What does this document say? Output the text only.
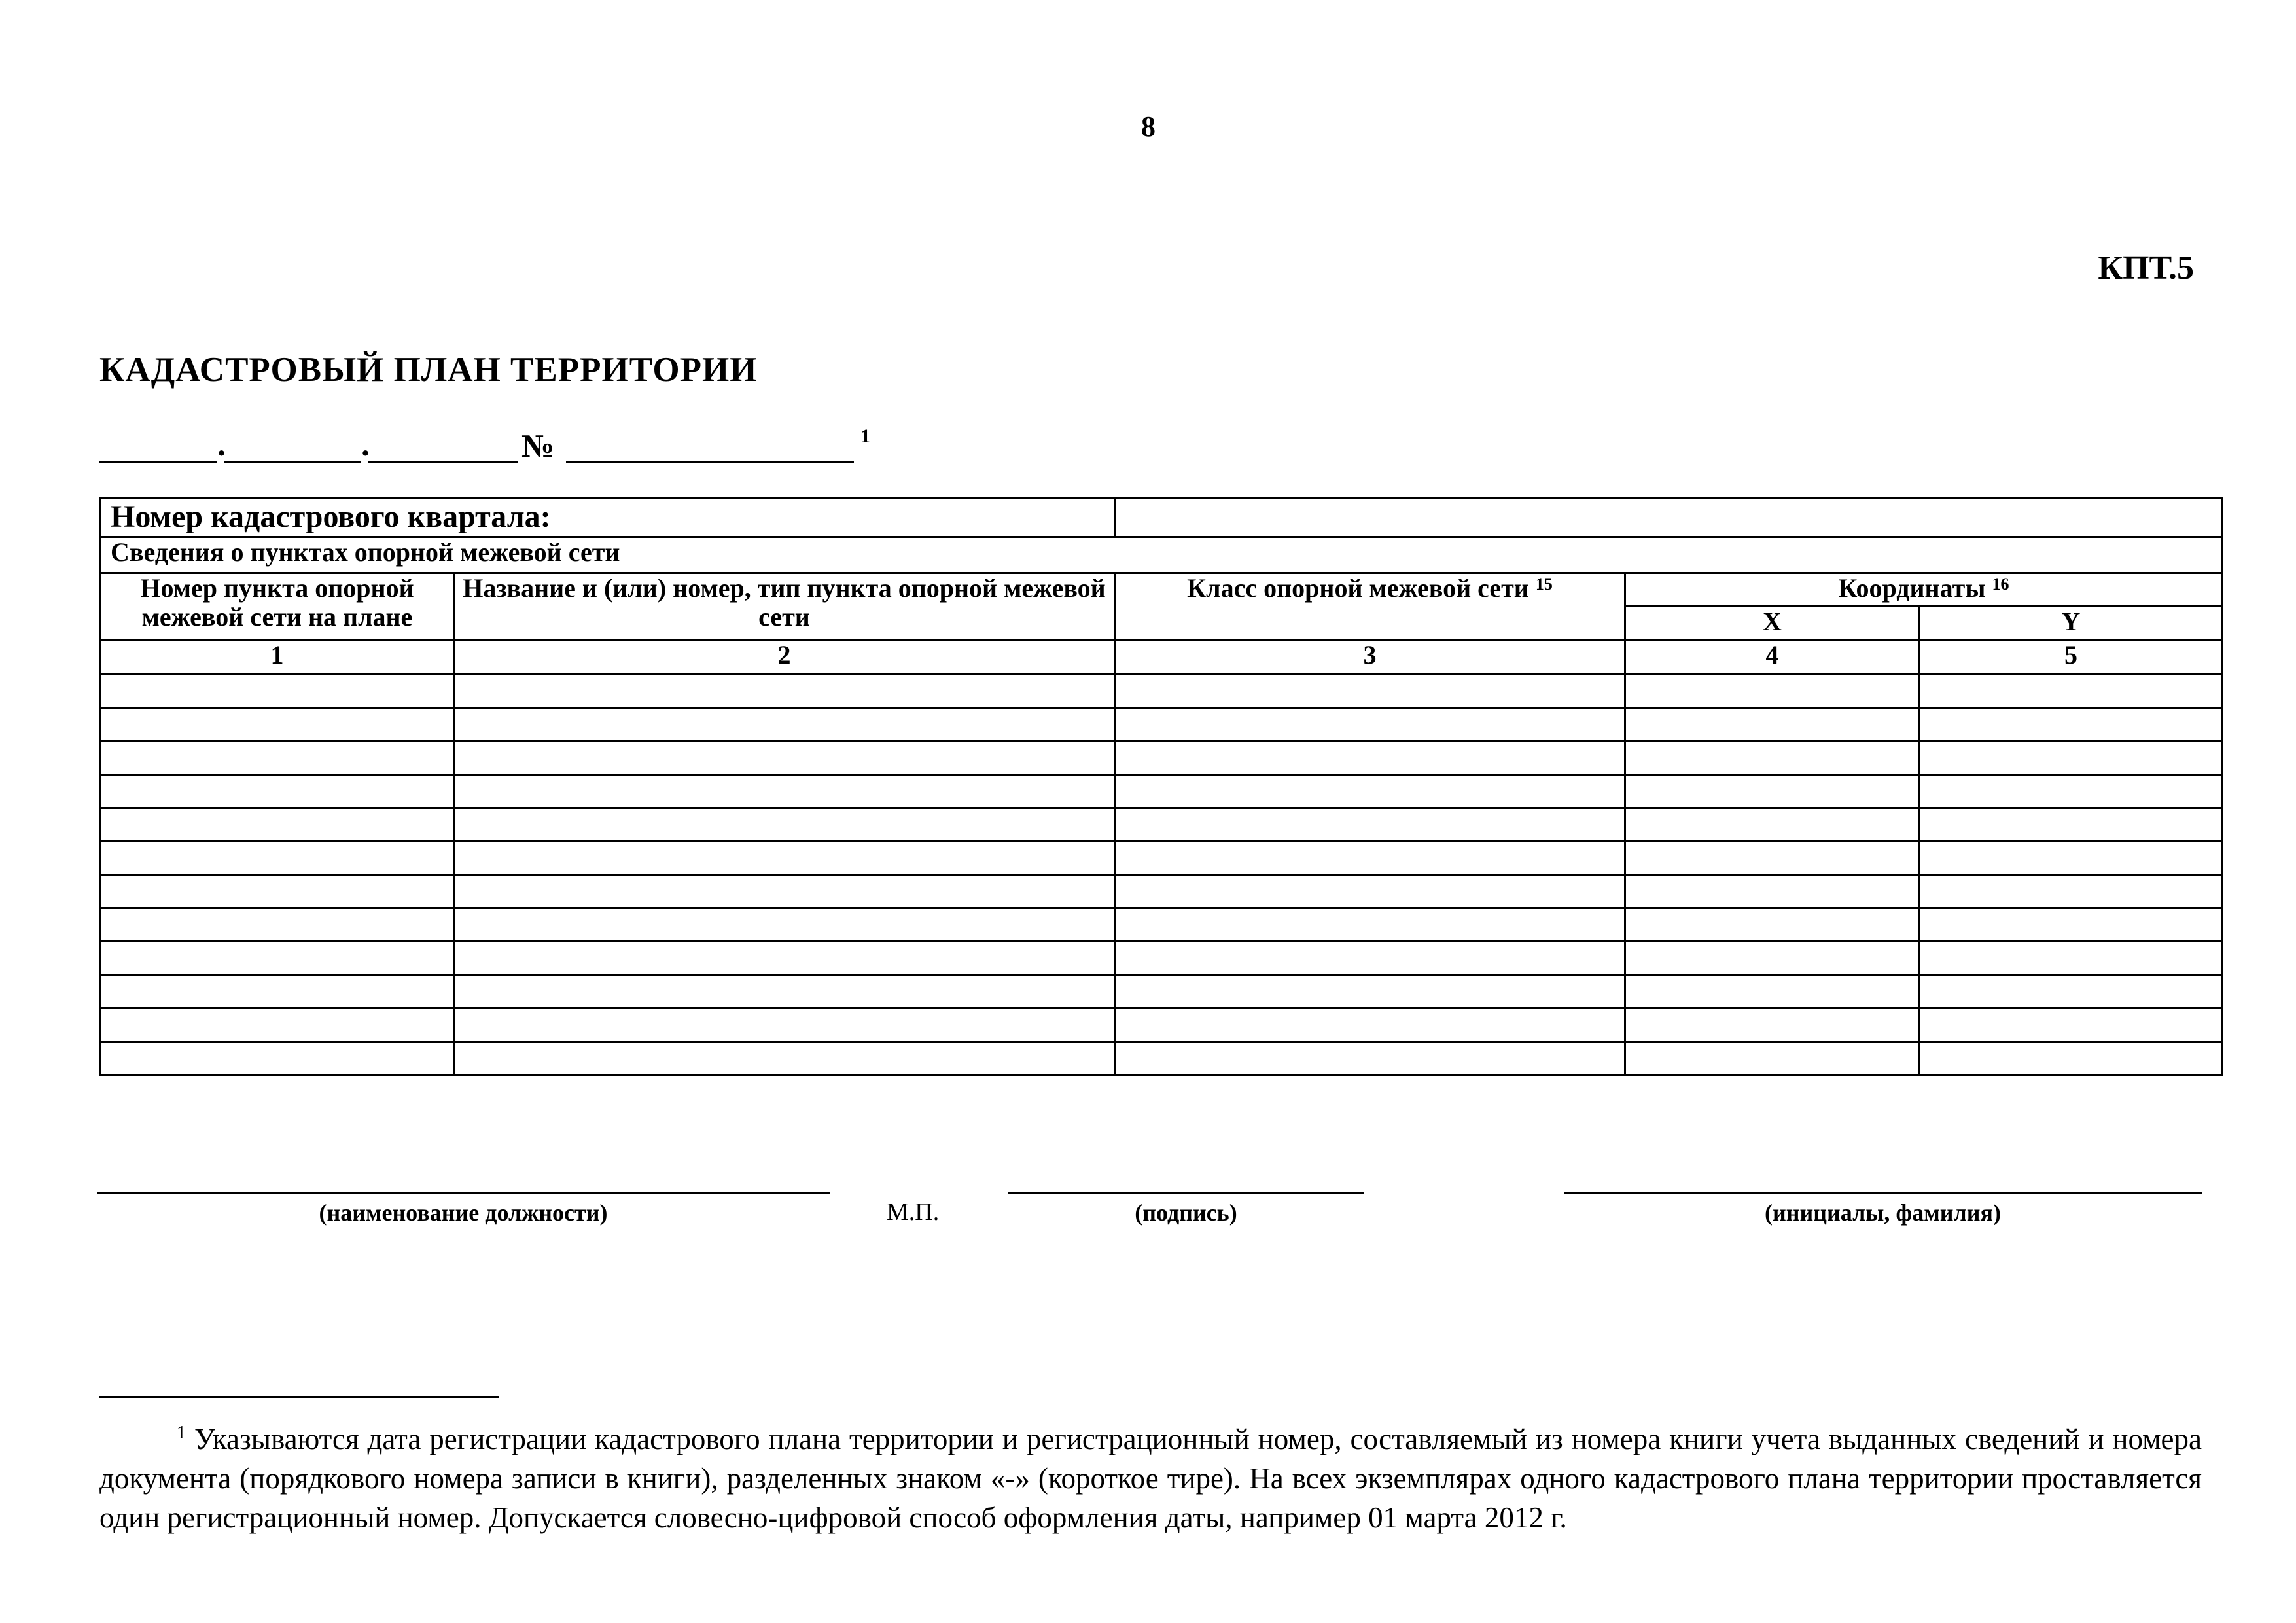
8
КПТ.5
КАДАСТРОВЫЙ ПЛАН ТЕРРИТОРИИ
.	.	№	1
Номер кадастрового квартала:				
Сведения о пунктах опорной межевой сети				
Номер пункта опорной межевой сети на плане	Название и (или) номер, тип пункта опорной межевой сети	Класс опорной межевой сети $^{15}$	Координаты $^{16}$
			X	Y
1	2	3	4	5

(наименование должности)	М.П.	(подпись)	(инициалы, фамилия)
$^1$ Указываются дата регистрации кадастрового плана территории и регистрационный номер, составляемый из номера книги учета выданных сведений и номера документа (порядкового номера записи в книги), разделенных знаком «-» (короткое тире). На всех экземплярах одного кадастрового плана территории проставляется один регистрационный номер. Допускается словесно-цифровой способ оформления даты, например 01 марта 2012 г.
